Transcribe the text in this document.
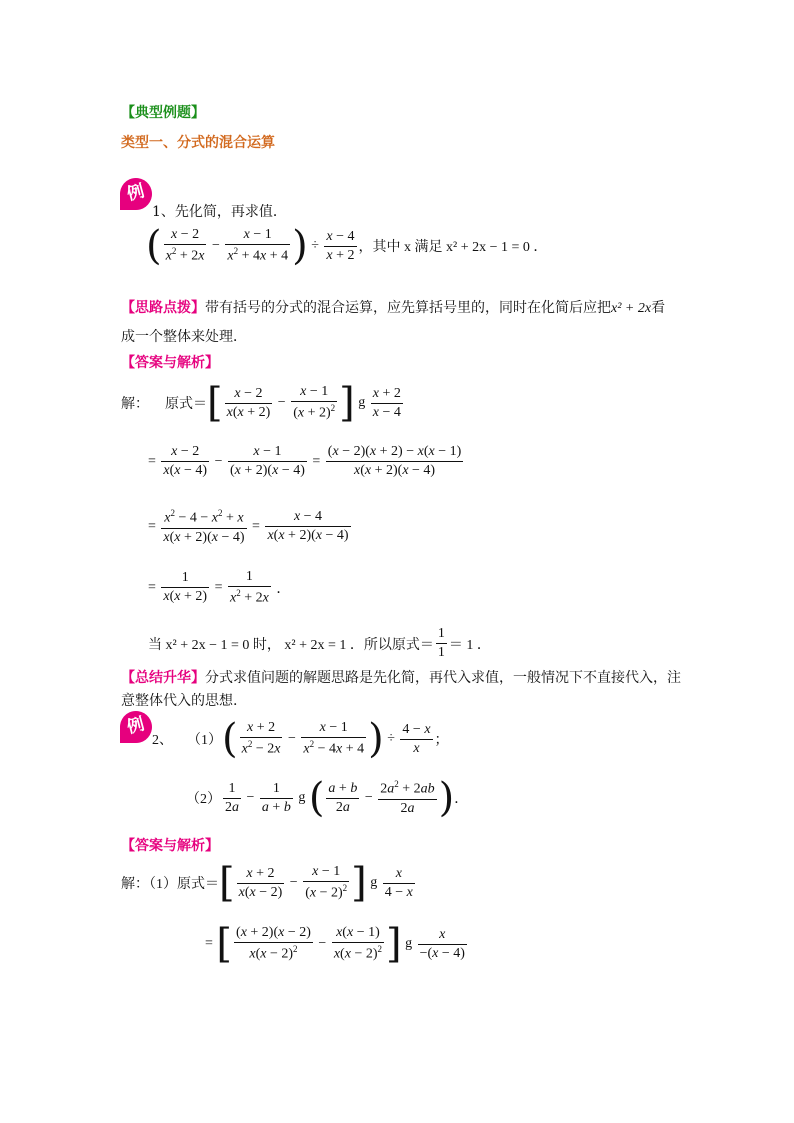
【典型例题】
类型一、分式的混合运算
例
1、先化简，再求值．
( $\frac{x - 2}{x^2 + 2x} - \frac{x - 1}{x^2 + 4x + 4}$ ) ÷ $\frac{x - 4}{x + 2}$ ，其中 x 满足 x² + 2x − 1 = 0 ．
【思路点拨】带有括号的分式的混合运算，应先算括号里的，同时在化简后应把x² + 2x看
成一个整体来处理．
【答案与解析】
解： 原式＝ [ $\frac{x - 2}{x(x + 2)} - \frac{x - 1}{(x + 2)^2}$ ] g $\frac{x + 2}{x - 4}$
= $\frac{x - 2}{x(x - 4)} - \frac{x - 1}{(x + 2)(x - 4)} = \frac{(x - 2)(x + 2) - x(x - 1)}{x(x + 2)(x - 4)}$
= $\frac{x^2 - 4 - x^2 + x}{x(x + 2)(x - 4)} = \frac{x - 4}{x(x + 2)(x - 4)}$
= $\frac{1}{x(x + 2)} = \frac{1}{x^2 + 2x}$ ．
当 x² + 2x − 1 = 0 时， x² + 2x = 1 ．所以原式＝ $\frac{1}{1} = 1$ ．
【总结升华】分式求值问题的解题思路是先化简，再代入求值，一般情况下不直接代入，注
意整体代入的思想.
例
2、 （1） ( $\frac{x + 2}{x^2 - 2x} - \frac{x - 1}{x^2 - 4x + 4}$ ) ÷ $\frac{4 - x}{x}$ ；
$(2) \frac{1}{2a} - \frac{1}{a + b}$ g ( $\frac{a + b}{2a} - \frac{2a^2 + 2ab}{2a}$ ) ．
【答案与解析】
解：（1）原式＝ [ $\frac{x + 2}{x(x - 2)} - \frac{x - 1}{(x - 2)^2}$ ] g $\frac{x}{4 - x}$
= [ $\frac{(x + 2)(x - 2)}{x(x - 2)^2} - \frac{x(x - 1)}{x(x - 2)^2}$ ] g $\frac{x}{-(x - 4)}$
